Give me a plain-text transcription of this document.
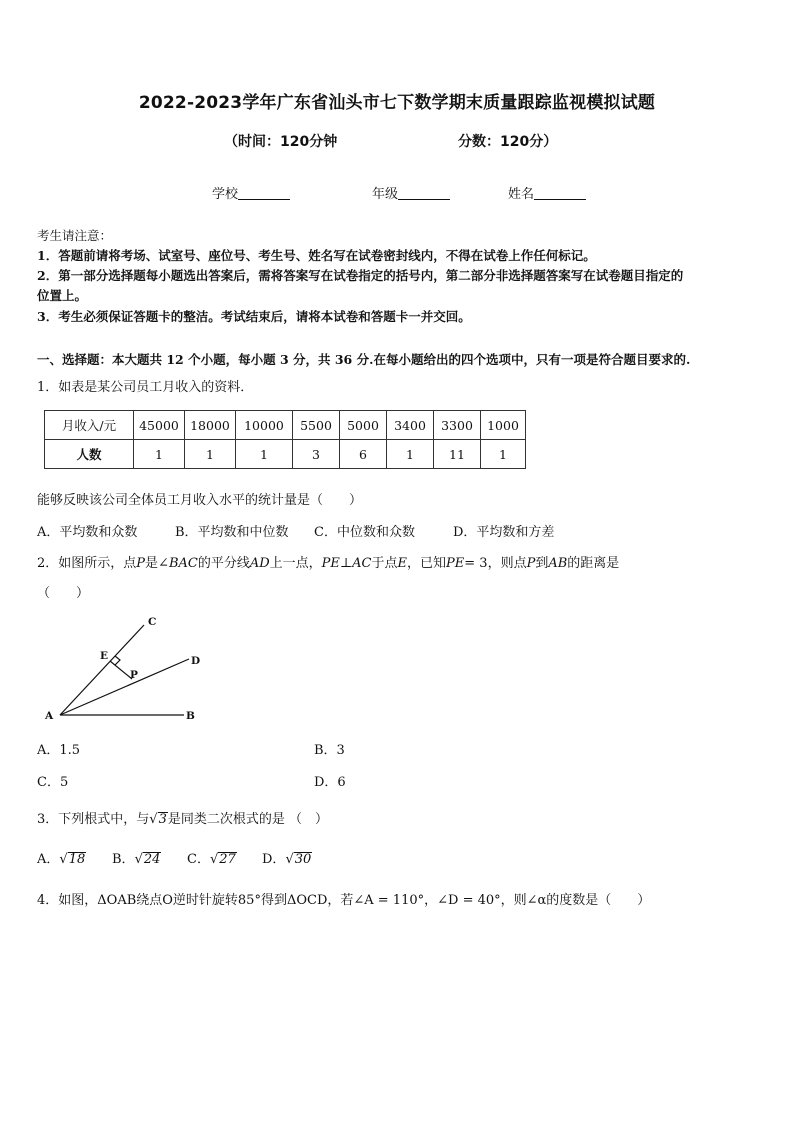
2022-2023学年广东省汕头市七下数学期末质量跟踪监视模拟试题
（时间：120分钟	分数：120分）
学校	年级	姓名
考生请注意：
1．答题前请将考场、试室号、座位号、考生号、姓名写在试卷密封线内，不得在试卷上作任何标记。
2．第一部分选择题每小题选出答案后，需将答案写在试卷指定的括号内，第二部分非选择题答案写在试卷题目指定的
位置上。
3．考生必须保证答题卡的整洁。考试结束后，请将本试卷和答题卡一并交回。
一、选择题：本大题共 12 个小题，每小题 3 分，共 36 分.在每小题给出的四个选项中，只有一项是符合题目要求的.
1．如表是某公司员工月收入的资料．
月收入/元	45000	18000	10000	5500	5000	3400	3300	1000
人数	1	1	1	3	6	1	11	1
能够反映该公司全体员工月收入水平的统计量是（　　）
A．平均数和众数	B．平均数和中位数 C．中位数和众数	D．平均数和方差
2．如图所示，点P是∠BAC的平分线AD上一点，PE⊥AC于点E，已知PE= 3，则点P到AB的距离是
（　　）
C
E
P
D
A	B
A．1.5	B．3
C．5	D．6
3．下列根式中，与√3是同类二次根式的是 （　）
A．√18 B．√24 C．√27 D．√30
4．如图，ΔOAB绕点O逆时针旋转85°得到ΔOCD，若∠A = 110°，∠D = 40°，则∠α的度数是（　　）
